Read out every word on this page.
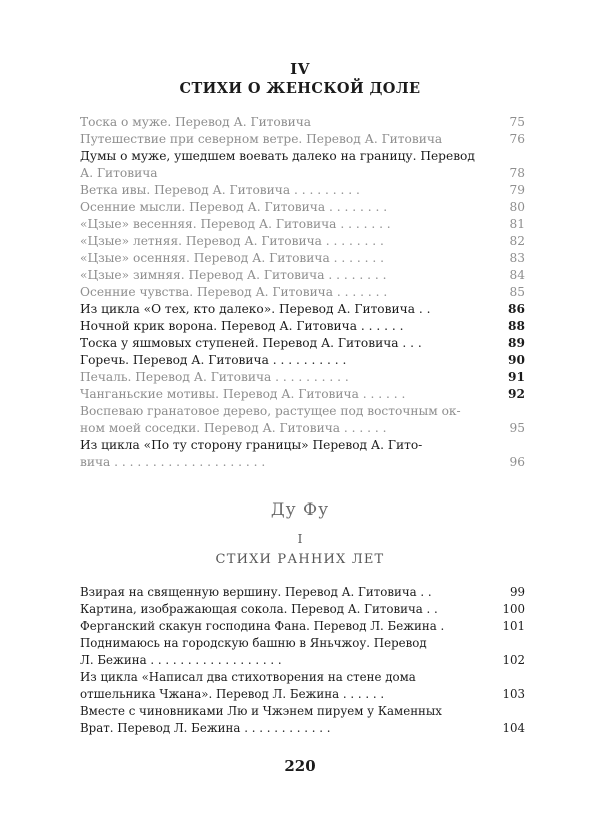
IV
СТИХИ О ЖЕНСКОЙ ДОЛЕ
Тоска о муже. Перевод А. Гитовича	75
Путешествие при северном ветре. Перевод А. Гитовича	76
Думы о муже, ушедшем воевать далеко на границу. Перевод
А. Гитовича	78
Ветка ивы. Перевод А. Гитовича . . . . . . . . .	79
Осенние мысли. Перевод А. Гитовича . . . . . . . .	80
«Цзые» весенняя. Перевод А. Гитовича . . . . . . .	81
«Цзые» летняя. Перевод А. Гитовича . . . . . . . .	82
«Цзые» осенняя. Перевод А. Гитовича . . . . . . .	83
«Цзые» зимняя. Перевод А. Гитовича . . . . . . . .	84
Осенние чувства. Перевод А. Гитовича . . . . . . .	85
Из цикла «О тех, кто далеко». Перевод А. Гитовича . .	86
Ночной крик ворона. Перевод А. Гитовича . . . . . .	88
Тоска у яшмовых ступеней. Перевод А. Гитовича . . .	89
Горечь. Перевод А. Гитовича . . . . . . . . . .	90
Печаль. Перевод А. Гитовича . . . . . . . . . .	91
Чанганьские мотивы. Перевод А. Гитовича . . . . . .	92
Воспеваю гранатовое дерево, растущее под восточным ок-
ном моей соседки. Перевод А. Гитовича . . . . . .	95
Из цикла «По ту сторону границы» Перевод А. Гито-
вича . . . . . . . . . . . . . . . . . . . .	96
Ду Фу
I
СТИХИ РАННИХ ЛЕТ
Взирая на священную вершину. Перевод А. Гитовича . .	99
Картина, изображающая сокола. Перевод А. Гитовича . .	100
Ферганский скакун господина Фана. Перевод Л. Бежина .	101
Поднимаюсь на городскую башню в Яньчжоу. Перевод
Л. Бежина . . . . . . . . . . . . . . . . . .	102
Из цикла «Написал два стихотворения на стене дома
отшельника Чжана». Перевод Л. Бежина . . . . . .	103
Вместе с чиновниками Лю и Чжэнем пируем у Каменных
Врат. Перевод Л. Бежина . . . . . . . . . . . .	104
220
